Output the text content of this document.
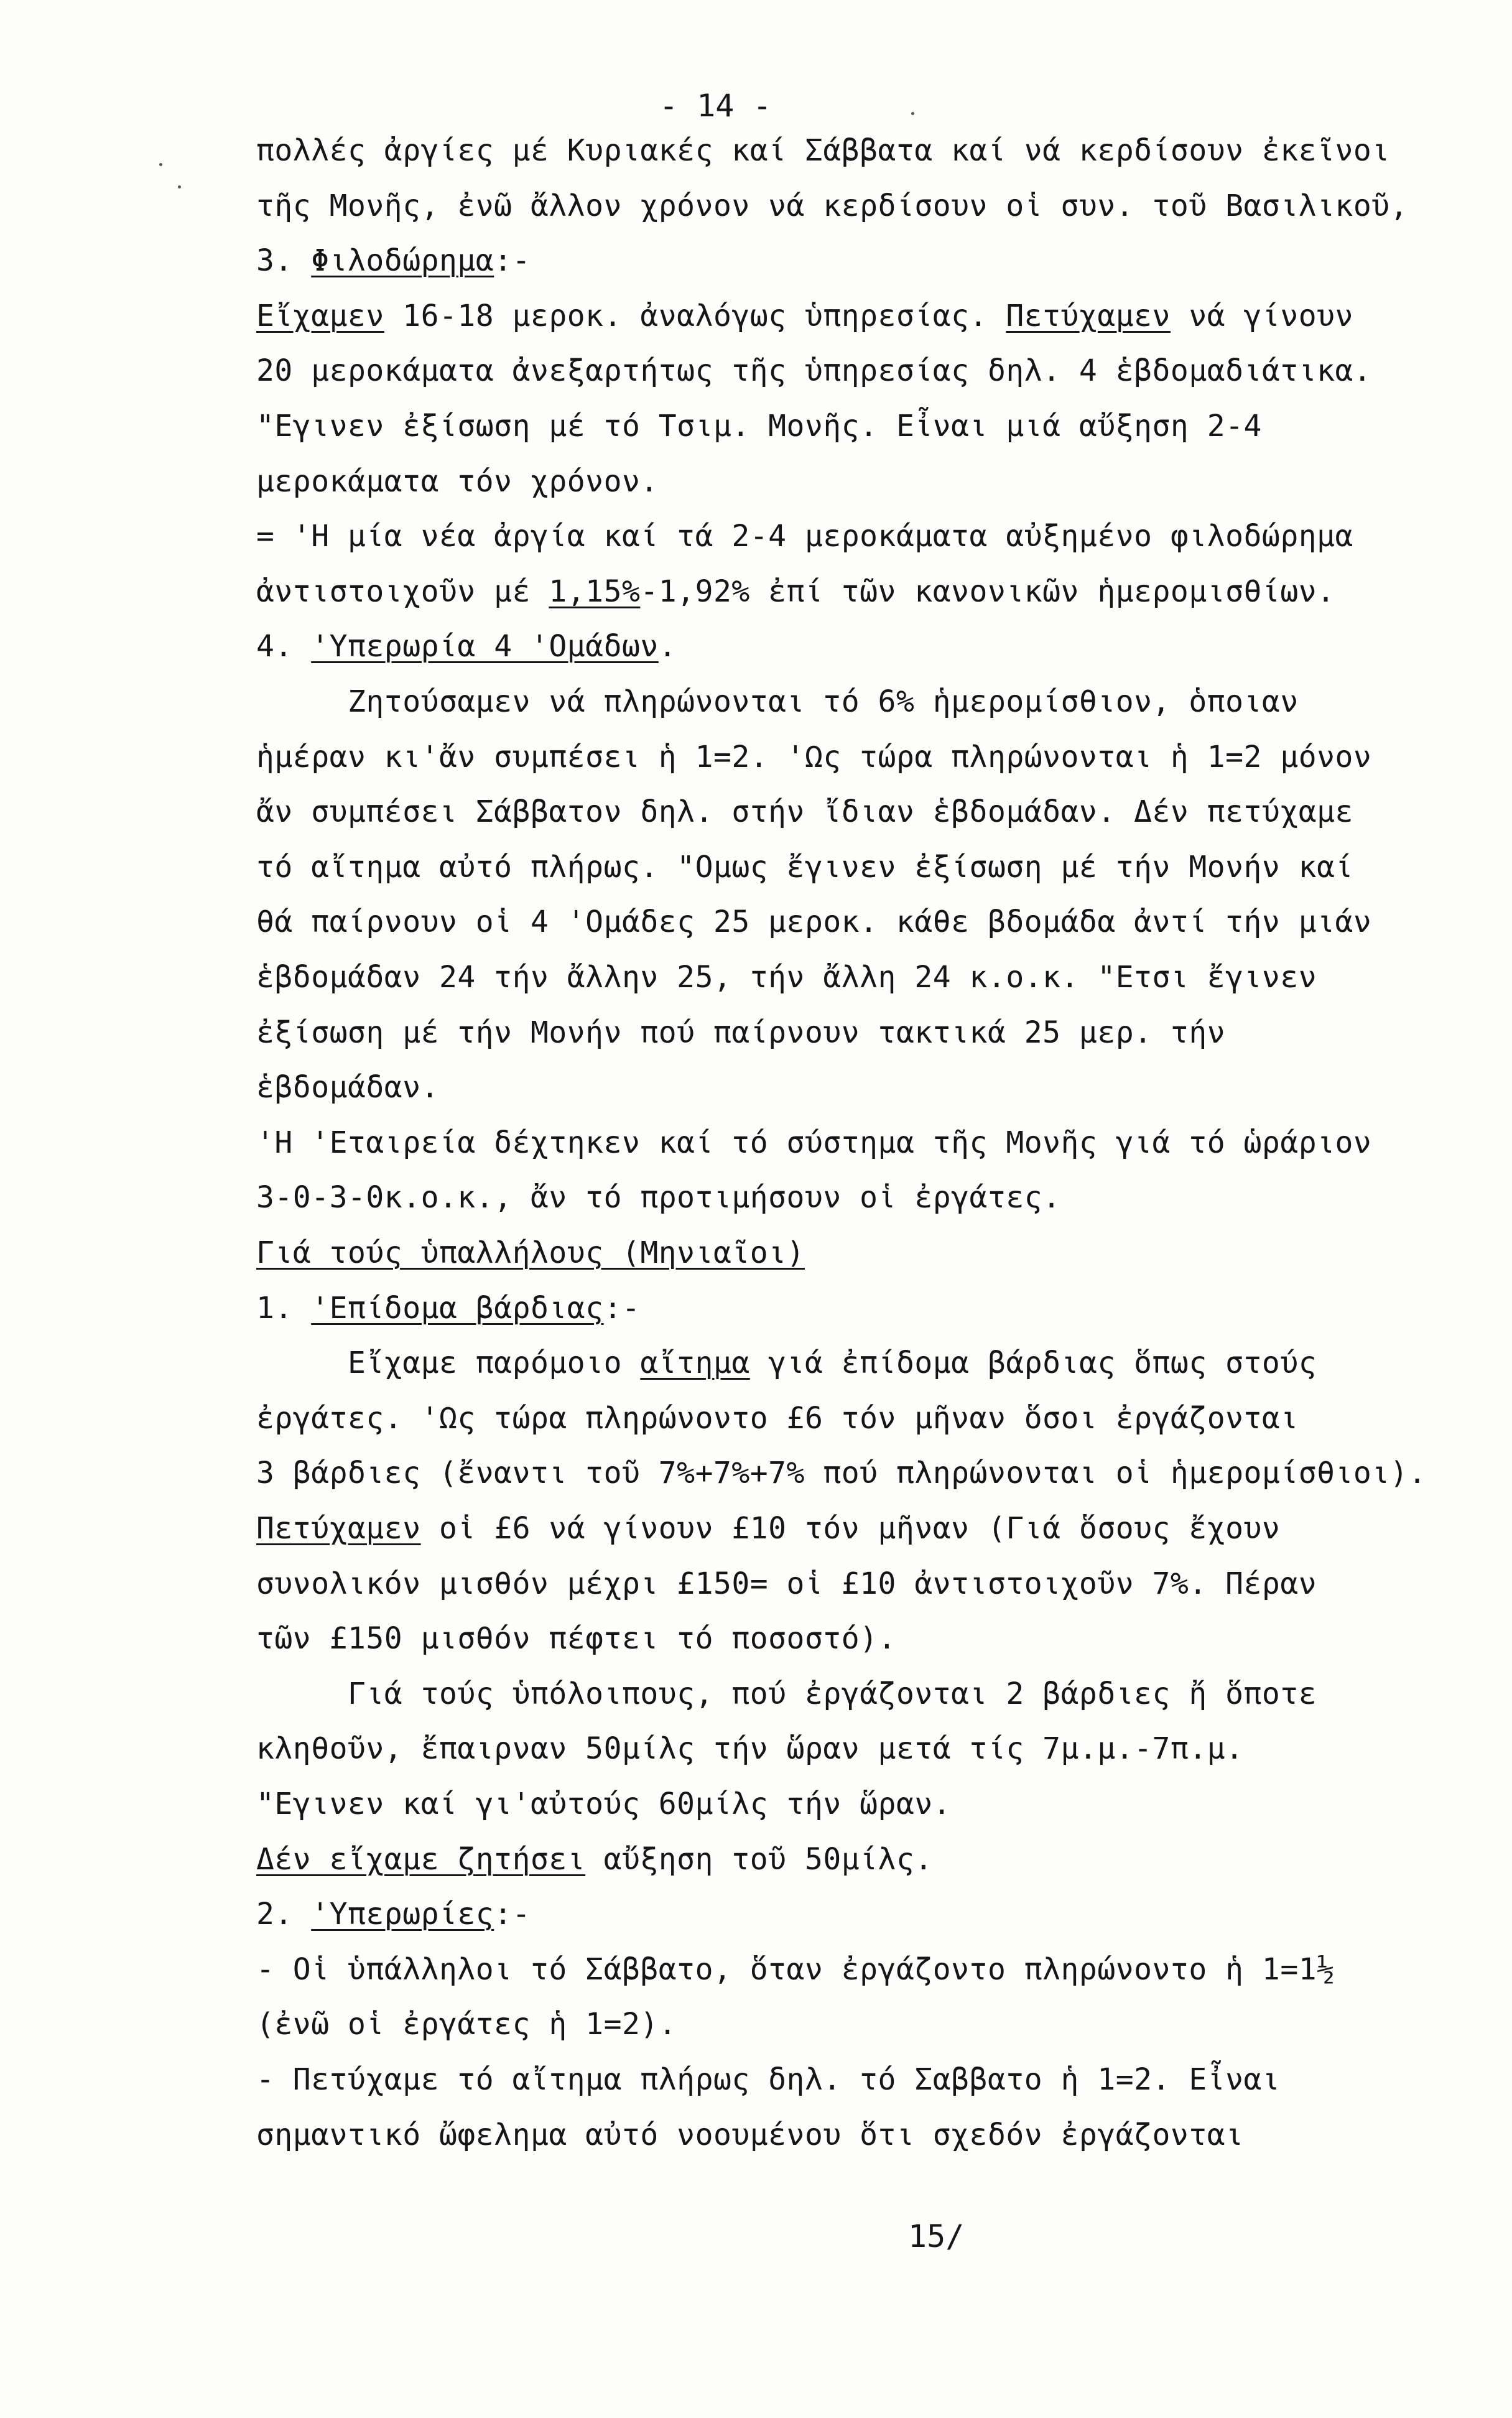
- 14 -
πολλές ἀργίες μέ Κυριακές καί Σάββατα καί νά κερδίσουν ἐκεῖνοι
τῆς Μονῆς, ἐνῶ ἄλλον χρόνον νά κερδίσουν οἱ συν. τοῦ Βασιλικοῦ,
3. Φιλοδώρημα:-
Εἴχαμεν 16-18 μεροκ. ἀναλόγως ὑπηρεσίας. Πετύχαμεν νά γίνουν
20 μεροκάματα ἀνεξαρτήτως τῆς ὑπηρεσίας δηλ. 4 ἑβδομαδιάτικα.
"Εγινεν ἐξίσωση μέ τό Τσιμ. Μονῆς. Εἶναι μιά αὔξηση 2-4
μεροκάματα τόν χρόνον.
= 'Η μία νέα ἀργία καί τά 2-4 μεροκάματα αὐξημένο φιλοδώρημα
ἀντιστοιχοῦν μέ 1,15%-1,92% ἐπί τῶν κανονικῶν ἡμερομισθίων.
4. 'Υπερωρία 4 'Ομάδων.
Ζητούσαμεν νά πληρώνονται τό 6% ἡμερομίσθιον, ὁποιαν
ἡμέραν κι'ἄν συμπέσει ἡ 1=2. 'Ως τώρα πληρώνονται ἡ 1=2 μόνον
ἄν συμπέσει Σάββατον δηλ. στήν ἴδιαν ἑβδομάδαν. Δέν πετύχαμε
τό αἴτημα αὐτό πλήρως. "Ομως ἔγινεν ἐξίσωση μέ τήν Μονήν καί
θά παίρνουν οἱ 4 'Ομάδες 25 μεροκ. κάθε βδομάδα ἀντί τήν μιάν
ἑβδομάδαν 24 τήν ἄλλην 25, τήν ἄλλη 24 κ.ο.κ. "Ετσι ἔγινεν
ἐξίσωση μέ τήν Μονήν πού παίρνουν τακτικά 25 μερ. τήν
ἑβδομάδαν.
'Η 'Εταιρεία δέχτηκεν καί τό σύστημα τῆς Μονῆς γιά τό ὡράριον
3-0-3-0κ.ο.κ., ἄν τό προτιμήσουν οἱ ἐργάτες.
Γιά τούς ὑπαλλήλους (Μηνιαῖοι)
1. 'Επίδομα βάρδιας:-
Εἴχαμε παρόμοιο αἴτημα γιά ἐπίδομα βάρδιας ὅπως στούς
ἐργάτες. 'Ως τώρα πληρώνοντο £6 τόν μῆναν ὅσοι ἐργάζονται
3 βάρδιες (ἔναντι τοῦ 7%+7%+7% πού πληρώνονται οἱ ἡμερομίσθιοι).
Πετύχαμεν οἱ £6 νά γίνουν £10 τόν μῆναν (Γιά ὅσους ἔχουν
συνολικόν μισθόν μέχρι £150= οἱ £10 ἀντιστοιχοῦν 7%. Πέραν
τῶν £150 μισθόν πέφτει τό ποσοστό).
Γιά τούς ὑπόλοιπους, πού ἐργάζονται 2 βάρδιες ἤ ὅποτε
κληθοῦν, ἔπαιρναν 50μίλς τήν ὥραν μετά τίς 7μ.μ.-7π.μ.
"Εγινεν καί γι'αὐτούς 60μίλς τήν ὥραν.
Δέν εἴχαμε ζητήσει αὔξηση τοῦ 50μίλς.
2. 'Υπερωρίες:-
- Οἱ ὑπάλληλοι τό Σάββατο, ὅταν ἐργάζοντο πληρώνοντο ἡ 1=1½
(ἐνῶ οἱ ἐργάτες ἡ 1=2).
- Πετύχαμε τό αἴτημα πλήρως δηλ. τό Σαββατο ἡ 1=2. Εἶναι
σημαντικό ὤφελημα αὐτό νοουμένου ὅτι σχεδόν ἐργάζονται
15/
